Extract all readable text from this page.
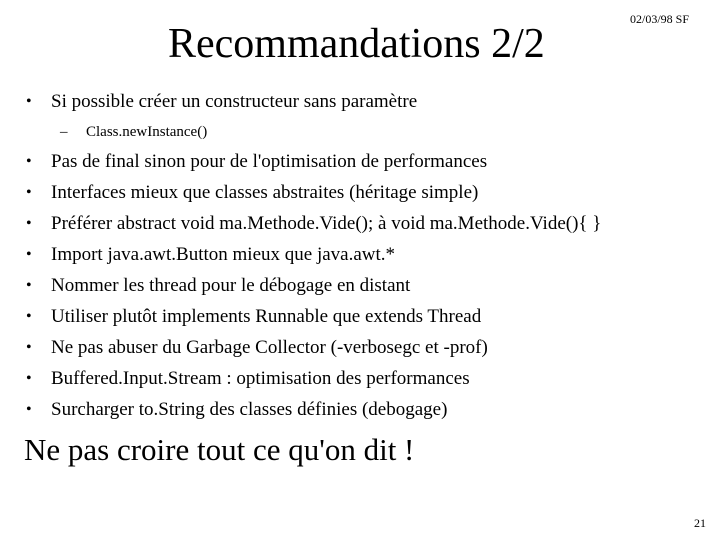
Recommandations 2/2
02/03/98 SF
• Si possible créer un constructeur sans paramètre
– Class.newInstance()
• Pas de final sinon pour de l'optimisation de performances
• Interfaces mieux que classes abstraites (héritage simple)
• Préférer abstract void ma.Methode.Vide(); à void ma.Methode.Vide(){ }
• Import java.awt.Button mieux que java.awt.*
• Nommer les thread pour le débogage en distant
• Utiliser plutôt implements Runnable que extends Thread
• Ne pas abuser du Garbage Collector (-verbosegc et -prof)
• Buffered.Input.Stream : optimisation des performances
• Surcharger to.String des classes définies (debogage)
Ne pas croire tout ce qu'on dit !
21
